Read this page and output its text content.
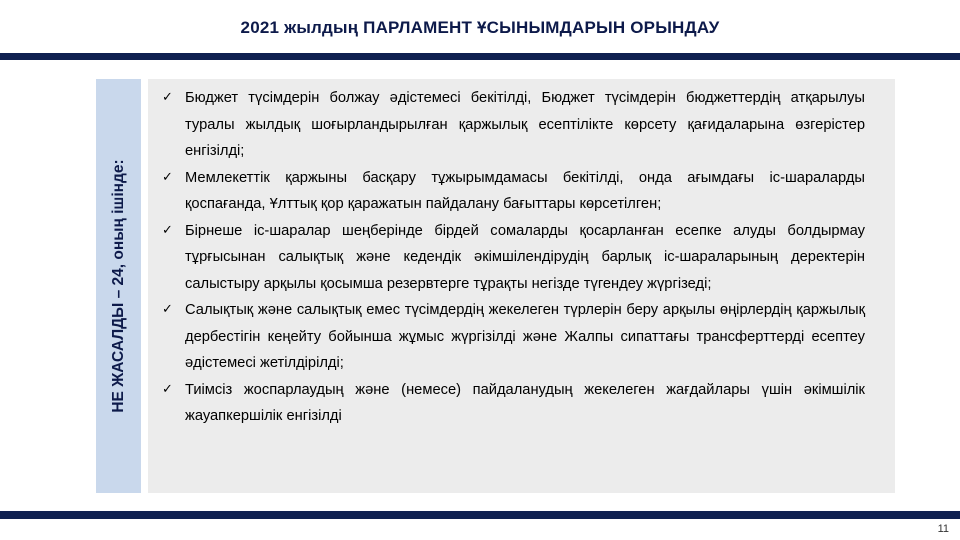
2021 жылдың ПАРЛАМЕНТ ҰСЫНЫМДАРЫН ОРЫНДАУ
НЕ ЖАСАЛДЫ – 24, оның ішінде:
✓ Бюджет түсімдерін болжау әдістемесі бекітілді, Бюджет түсімдерін бюджеттердің атқарылуы туралы жылдық шоғырландырылған қаржылық есептілікте көрсету қағидаларына өзгерістер енгізілді;
✓ Мемлекеттік қаржыны басқару тұжырымдамасы бекітілді, онда ағымдағы іс-шараларды қоспағанда, Ұлттық қор қаражатын пайдалану бағыттары көрсетілген;
✓ Бірнеше іс-шаралар шеңберінде бірдей сомаларды қосарланған есепке алуды болдырмау тұрғысынан салықтық және кедендік әкімшілендірудің барлық іс-шараларының деректерін салыстыру арқылы қосымша резервтерге тұрақты негізде түгендеу жүргізеді;
✓ Салықтық және салықтық емес түсімдердің жекелеген түрлерін беру арқылы өңірлердің қаржылық дербестігін кеңейту бойынша жұмыс жүргізілді және Жалпы сипаттағы трансферттерді есептеу әдістемесі жетілдірілді;
✓ Тиімсіз жоспарлаудың және (немесе) пайдаланудың жекелеген жағдайлары үшін әкімшілік жауапкершілік енгізілді
11
